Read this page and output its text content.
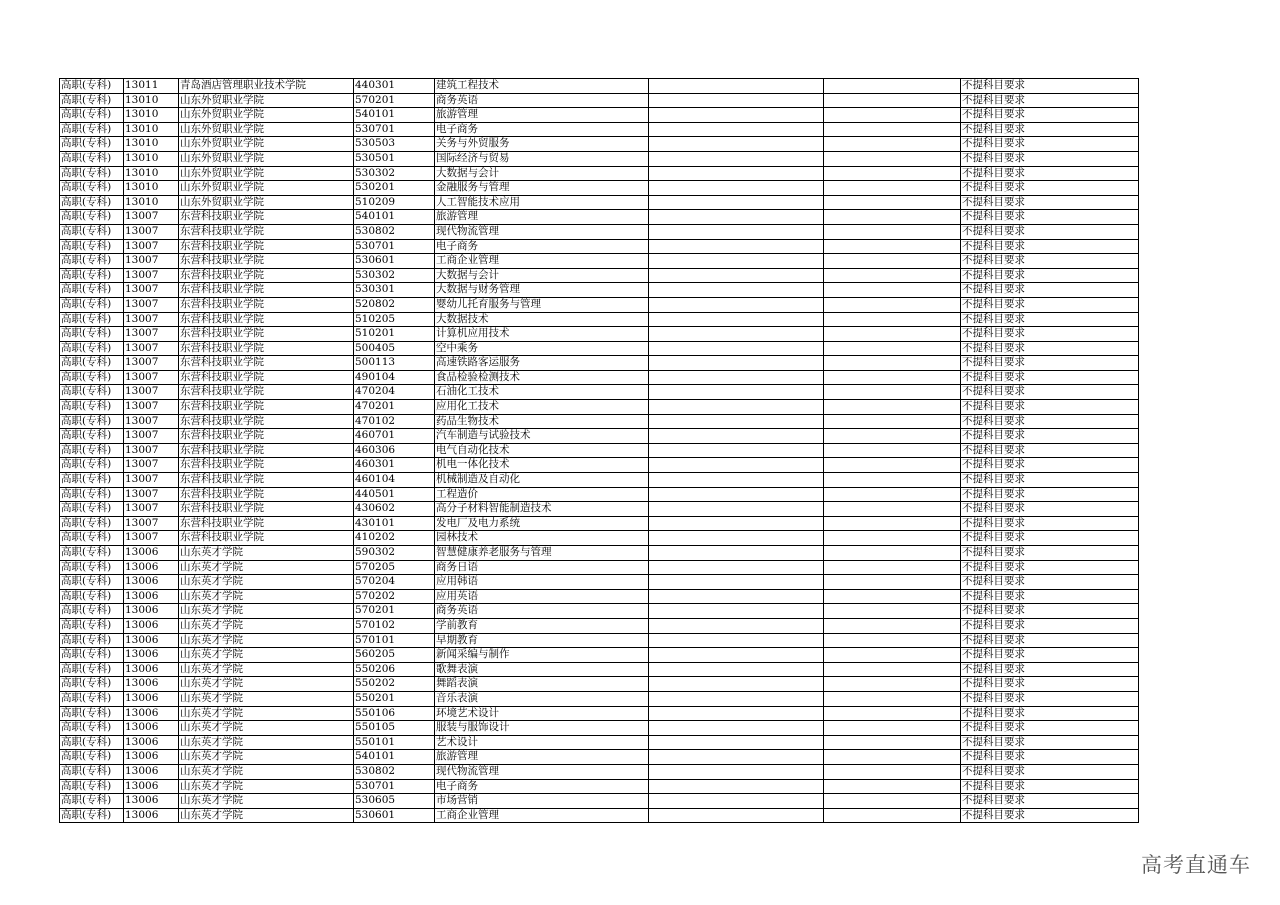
高职(专科)	13011	青岛酒店管理职业技术学院	440301	建筑工程技术			不提科目要求
高职(专科)	13010	山东外贸职业学院	570201	商务英语			不提科目要求
高职(专科)	13010	山东外贸职业学院	540101	旅游管理			不提科目要求
高职(专科)	13010	山东外贸职业学院	530701	电子商务			不提科目要求
高职(专科)	13010	山东外贸职业学院	530503	关务与外贸服务			不提科目要求
高职(专科)	13010	山东外贸职业学院	530501	国际经济与贸易			不提科目要求
高职(专科)	13010	山东外贸职业学院	530302	大数据与会计			不提科目要求
高职(专科)	13010	山东外贸职业学院	530201	金融服务与管理			不提科目要求
高职(专科)	13010	山东外贸职业学院	510209	人工智能技术应用			不提科目要求
高职(专科)	13007	东营科技职业学院	540101	旅游管理			不提科目要求
高职(专科)	13007	东营科技职业学院	530802	现代物流管理			不提科目要求
高职(专科)	13007	东营科技职业学院	530701	电子商务			不提科目要求
高职(专科)	13007	东营科技职业学院	530601	工商企业管理			不提科目要求
高职(专科)	13007	东营科技职业学院	530302	大数据与会计			不提科目要求
高职(专科)	13007	东营科技职业学院	530301	大数据与财务管理			不提科目要求
高职(专科)	13007	东营科技职业学院	520802	婴幼儿托育服务与管理			不提科目要求
高职(专科)	13007	东营科技职业学院	510205	大数据技术			不提科目要求
高职(专科)	13007	东营科技职业学院	510201	计算机应用技术			不提科目要求
高职(专科)	13007	东营科技职业学院	500405	空中乘务			不提科目要求
高职(专科)	13007	东营科技职业学院	500113	高速铁路客运服务			不提科目要求
高职(专科)	13007	东营科技职业学院	490104	食品检验检测技术			不提科目要求
高职(专科)	13007	东营科技职业学院	470204	石油化工技术			不提科目要求
高职(专科)	13007	东营科技职业学院	470201	应用化工技术			不提科目要求
高职(专科)	13007	东营科技职业学院	470102	药品生物技术			不提科目要求
高职(专科)	13007	东营科技职业学院	460701	汽车制造与试验技术			不提科目要求
高职(专科)	13007	东营科技职业学院	460306	电气自动化技术			不提科目要求
高职(专科)	13007	东营科技职业学院	460301	机电一体化技术			不提科目要求
高职(专科)	13007	东营科技职业学院	460104	机械制造及自动化			不提科目要求
高职(专科)	13007	东营科技职业学院	440501	工程造价			不提科目要求
高职(专科)	13007	东营科技职业学院	430602	高分子材料智能制造技术			不提科目要求
高职(专科)	13007	东营科技职业学院	430101	发电厂及电力系统			不提科目要求
高职(专科)	13007	东营科技职业学院	410202	园林技术			不提科目要求
高职(专科)	13006	山东英才学院	590302	智慧健康养老服务与管理			不提科目要求
高职(专科)	13006	山东英才学院	570205	商务日语			不提科目要求
高职(专科)	13006	山东英才学院	570204	应用韩语			不提科目要求
高职(专科)	13006	山东英才学院	570202	应用英语			不提科目要求
高职(专科)	13006	山东英才学院	570201	商务英语			不提科目要求
高职(专科)	13006	山东英才学院	570102	学前教育			不提科目要求
高职(专科)	13006	山东英才学院	570101	早期教育			不提科目要求
高职(专科)	13006	山东英才学院	560205	新闻采编与制作			不提科目要求
高职(专科)	13006	山东英才学院	550206	歌舞表演			不提科目要求
高职(专科)	13006	山东英才学院	550202	舞蹈表演			不提科目要求
高职(专科)	13006	山东英才学院	550201	音乐表演			不提科目要求
高职(专科)	13006	山东英才学院	550106	环境艺术设计			不提科目要求
高职(专科)	13006	山东英才学院	550105	服装与服饰设计			不提科目要求
高职(专科)	13006	山东英才学院	550101	艺术设计			不提科目要求
高职(专科)	13006	山东英才学院	540101	旅游管理			不提科目要求
高职(专科)	13006	山东英才学院	530802	现代物流管理			不提科目要求
高职(专科)	13006	山东英才学院	530701	电子商务			不提科目要求
高职(专科)	13006	山东英才学院	530605	市场营销			不提科目要求
高职(专科)	13006	山东英才学院	530601	工商企业管理			不提科目要求
高考直通车
